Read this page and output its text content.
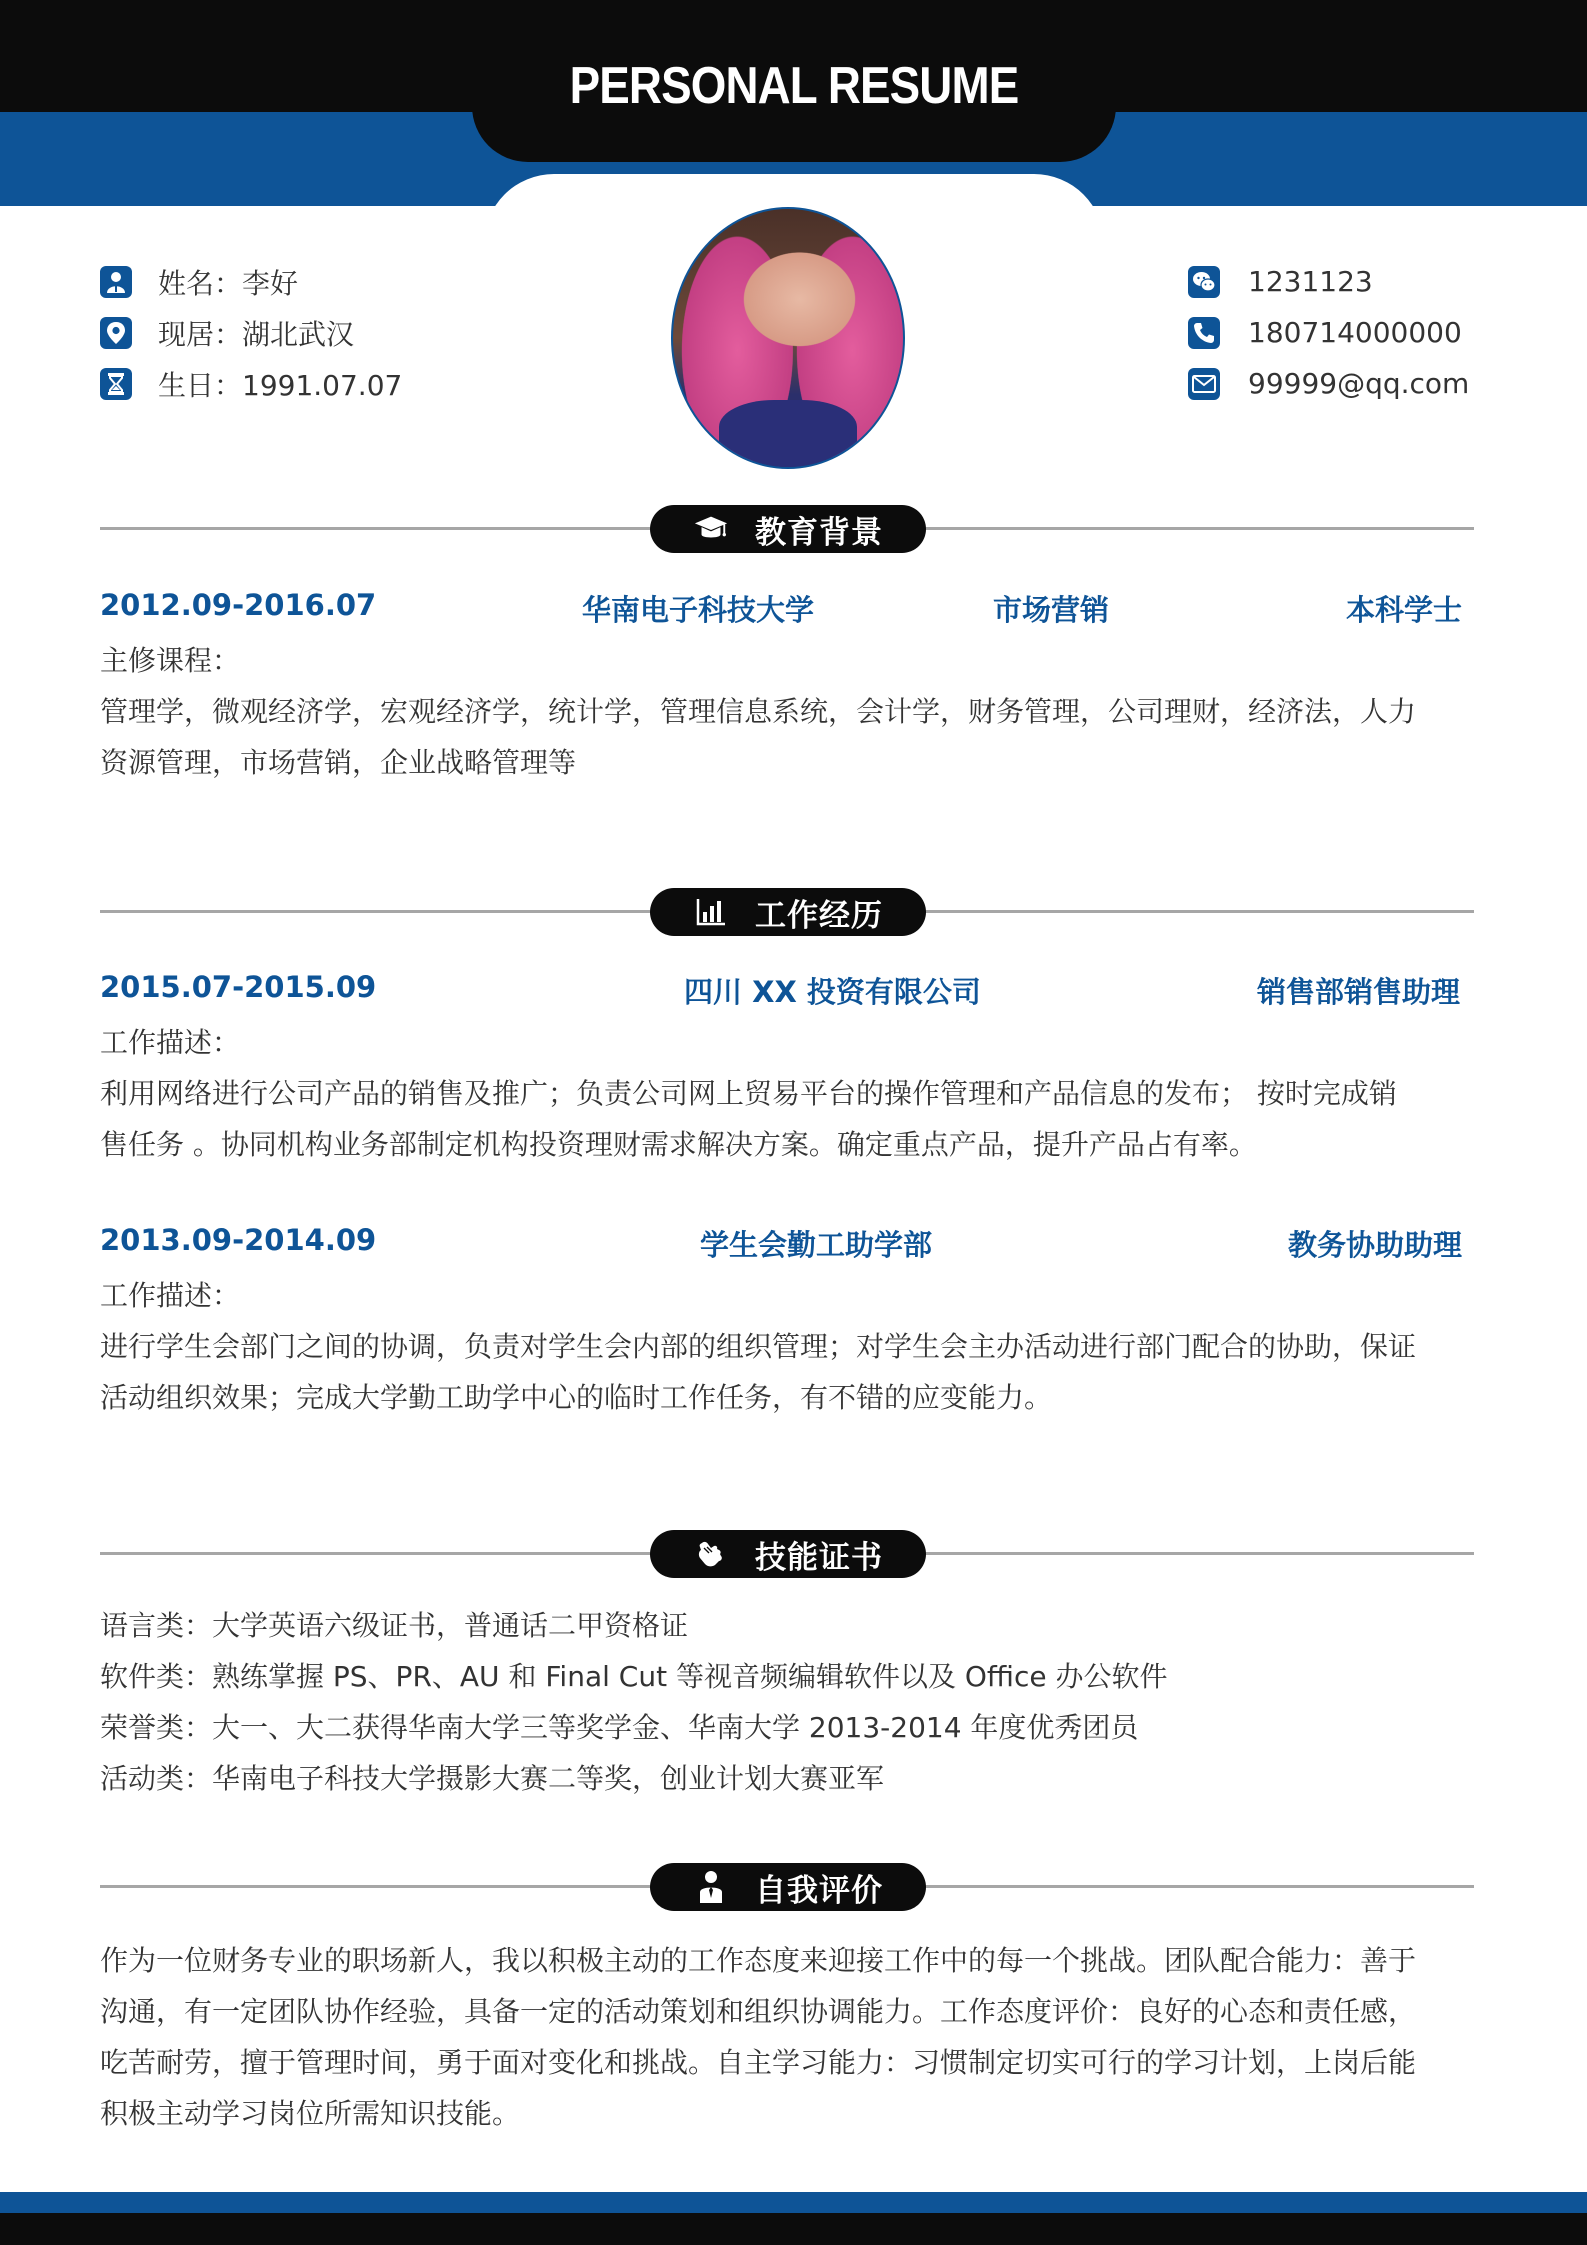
PERSONAL RESUME
姓名：李好
现居：湖北武汉
生日：1991.07.07
1231123
180714000000
99999@qq.com
教育背景
2012.09-2016.07	华南电子科技大学	市场营销	本科学士
主修课程：
管理学，微观经济学，宏观经济学，统计学，管理信息系统，会计学，财务管理，公司理财，经济法，人力
资源管理，市场营销，企业战略管理等
工作经历
2015.07-2015.09	四川 XX 投资有限公司	销售部销售助理
工作描述：
利用网络进行公司产品的销售及推广；负责公司网上贸易平台的操作管理和产品信息的发布； 按时完成销
售任务 。协同机构业务部制定机构投资理财需求解决方案。确定重点产品，提升产品占有率。
2013.09-2014.09	学生会勤工助学部	教务协助助理
工作描述：
进行学生会部门之间的协调，负责对学生会内部的组织管理；对学生会主办活动进行部门配合的协助，保证
活动组织效果；完成大学勤工助学中心的临时工作任务，有不错的应变能力。
技能证书
语言类：大学英语六级证书，普通话二甲资格证
软件类：熟练掌握 PS、PR、AU 和 Final Cut 等视音频编辑软件以及 Office 办公软件
荣誉类：大一、大二获得华南大学三等奖学金、华南大学 2013-2014 年度优秀团员
活动类：华南电子科技大学摄影大赛二等奖，创业计划大赛亚军
自我评价
作为一位财务专业的职场新人，我以积极主动的工作态度来迎接工作中的每一个挑战。团队配合能力：善于
沟通，有一定团队协作经验，具备一定的活动策划和组织协调能力。工作态度评价：良好的心态和责任感，
吃苦耐劳，擅于管理时间，勇于面对变化和挑战。自主学习能力：习惯制定切实可行的学习计划，上岗后能
积极主动学习岗位所需知识技能。
